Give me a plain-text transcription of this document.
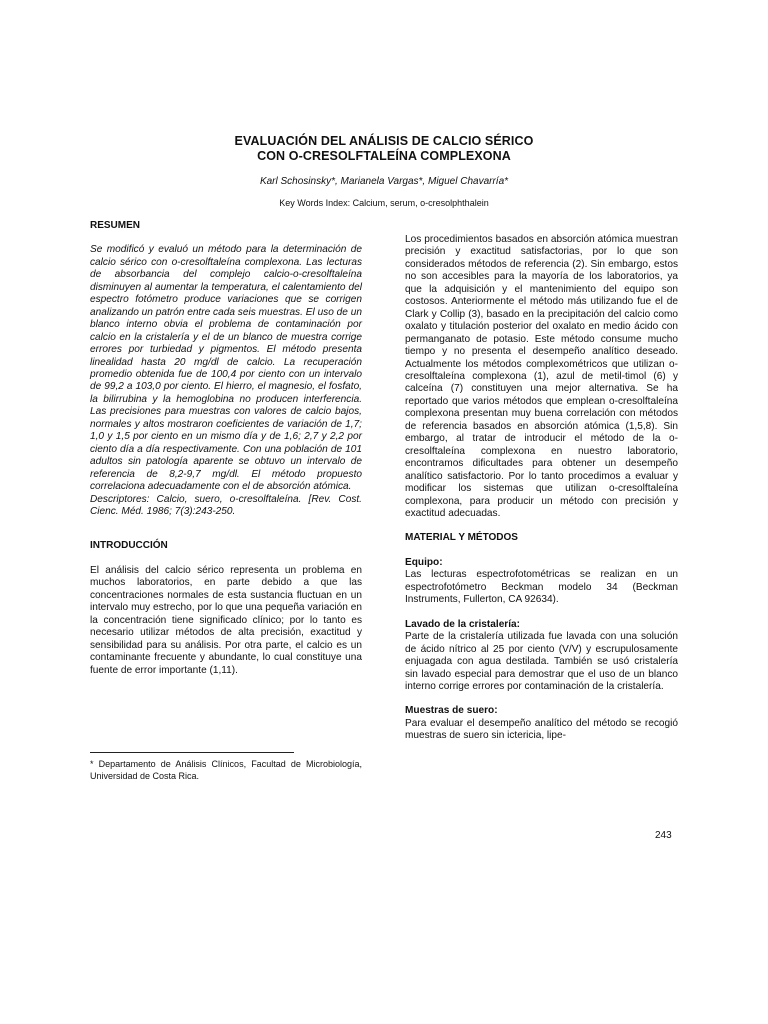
EVALUACIÓN DEL ANÁLISIS DE CALCIO SÉRICO
CON O-CRESOLFTALEÍNA COMPLEXONA
Karl Schosinsky*, Marianela Vargas*, Miguel Chavarría*
Key Words Index: Calcium, serum, o-cresolphthalein

RESUMEN

Se modificó y evaluó un método para la determinación de calcio sérico con o-cresolftaleína complexona. Las lecturas de absorbancia del complejo calcio-o-cresolftaleína disminuyen al aumentar la temperatura, el calentamiento del espectro fotómetro produce variaciones que se corrigen analizando un patrón entre cada seis muestras. El uso de un blanco interno obvia el problema de contaminación por calcio en la cristalería y el de un blanco de muestra corrige errores por turbiedad y pigmentos. El método presenta linealidad hasta 20 mg/dl de calcio. La recuperación promedio obtenida fue de 100,4 por ciento con un intervalo de 99,2 a 103,0 por ciento. El hierro, el magnesio, el fosfato, la bilirrubina y la hemoglobina no producen interferencia. Las precisiones para muestras con valores de calcio bajos, normales y altos mostraron coeficientes de variación de 1,7; 1,0 y 1,5 por ciento en un mismo día y de 1,6; 2,7 y 2,2 por ciento día a día respectivamente. Con una población de 101 adultos sin patología aparente se obtuvo un intervalo de referencia de 8,2-9,7 mg/dl. El método propuesto correlaciona adecuadamente con el de absorción atómica.

Descriptores: Calcio, suero, o-cresolftaleína. [Rev. Cost. Cienc. Méd. 1986; 7(3):243-250.

INTRODUCCIÓN

El análisis del calcio sérico representa un problema en muchos laboratorios, en parte debido a que las concentraciones normales de esta sustancia fluctuan en un intervalo muy estrecho, por lo que una pequeña variación en la concentración tiene significado clínico; por lo tanto es necesario utilizar métodos de alta precisión, exactitud y sensibilidad para su análisis. Por otra parte, el calcio es un contaminante frecuente y abundante, lo cual constituye una fuente de error importante (1,11).

* Departamento de Análisis Clínicos, Facultad de Microbiología, Universidad de Costa Rica.

Los procedimientos basados en absorción atómica muestran precisión y exactitud satisfactorias, por lo que son considerados métodos de referencia (2). Sin embargo, estos no son accesibles para la mayoría de los laboratorios, ya que la adquisición y el mantenimiento del equipo son costosos. Anteriormente el método más utilizando fue el de Clark y Collip (3), basado en la precipitación del calcio como oxalato y titulación posterior del oxalato en medio ácido con permanganato de potasio. Este método consume mucho tiempo y no presenta el desempeño analítico deseado. Actualmente los métodos complexométricos que utilizan o-cresolftaleína complexona (1), azul de metil-timol (6) y calceína (7) constituyen una mejor alternativa. Se ha reportado que varios métodos que emplean o-cresolftaleína complexona presentan muy buena correlación con métodos de referencia basados en absorción atómica (1,5,8). Sin embargo, al tratar de introducir el método de la o-cresolftaleína complexona en nuestro laboratorio, encontramos dificultades para obtener un desempeño analítico satisfactorio. Por lo tanto procedimos a evaluar y modificar los sistemas que utilizan o-cresolftaleína complexona, para producir un método con precisión y exactitud adecuadas.

MATERIAL Y MÉTODOS

Equipo:

Las lecturas espectrofotométricas se realizan en un espectrofotómetro Beckman modelo 34 (Beckman Instruments, Fullerton, CA 92634).

Lavado de la cristalería:

Parte de la cristalería utilizada fue lavada con una solución de ácido nítrico al 25 por ciento (V/V) y escrupulosamente enjuagada con agua destilada. También se usó cristalería sin lavado especial para demostrar que el uso de un blanco interno corrige errores por contaminación de la cristalería.

Muestras de suero:

Para evaluar el desempeño analítico del método se recogió muestras de suero sin ictericia, lipe-

243
